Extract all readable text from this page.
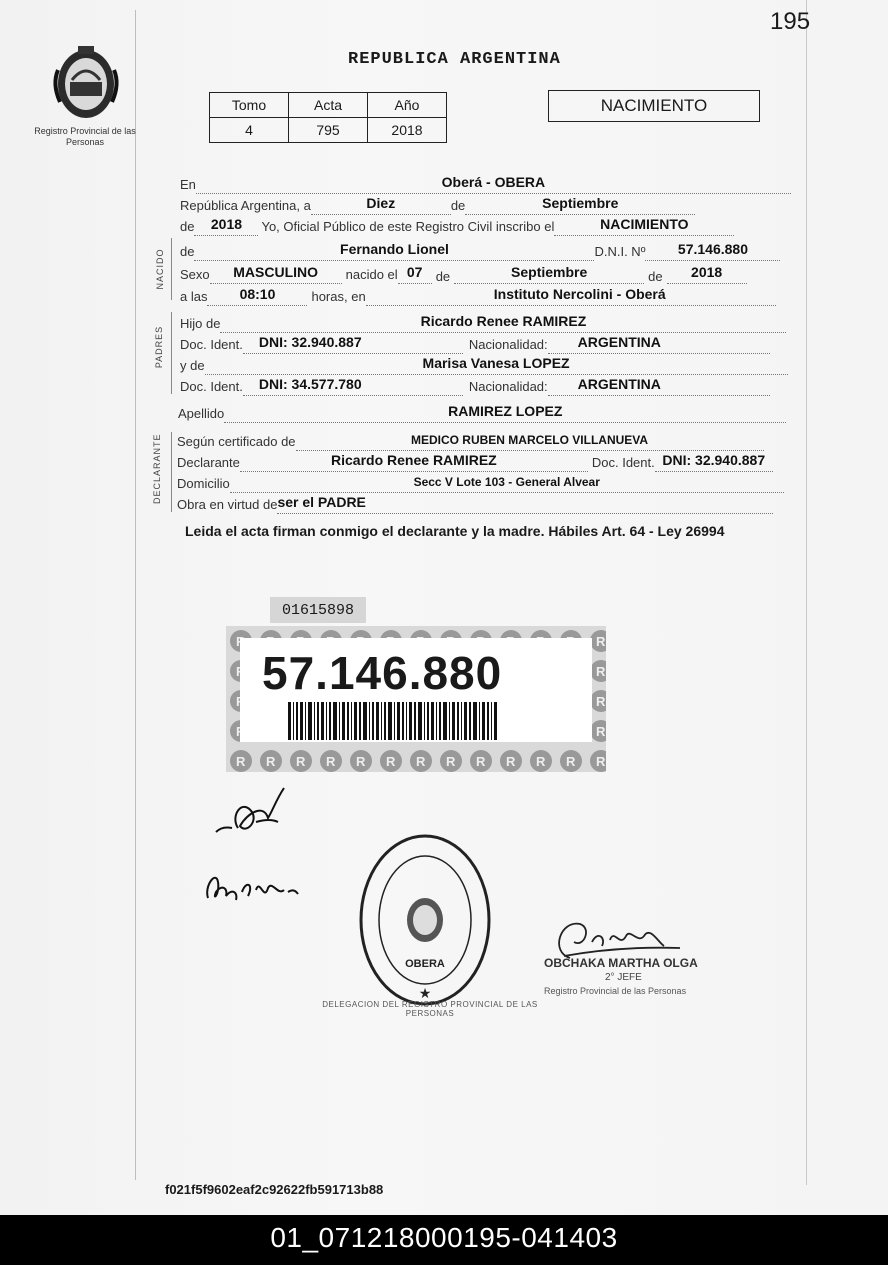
195
Registro Provincial de las Personas
REPUBLICA ARGENTINA
Tomo	Acta	Año
4	795	2018
NACIMIENTO
En	Oberá - OBERA
República Argentina, a	Diez	de	Septiembre
de	2018	Yo, Oficial Público de este Registro Civil inscribo el	NACIMIENTO
NACIDO de	Fernando Lionel	D.N.I. Nº	57.146.880
Sexo	MASCULINO	nacido el 07	de	Septiembre	de	2018
a las	08:10	horas, en	Instituto Nercolini - Oberá
PADRES
Hijo de	Ricardo Renee RAMIREZ
Doc. Ident.	DNI: 32.940.887	Nacionalidad:	ARGENTINA
y de	Marisa Vanesa LOPEZ
Doc. Ident.	DNI: 34.577.780	Nacionalidad:	ARGENTINA
Apellido	RAMIREZ LOPEZ
DECLARANTE Según certificado de	MEDICO RUBEN MARCELO VILLANUEVA
Declarante	Ricardo Renee RAMIREZ	Doc. Ident. DNI: 32.940.887
Domicilio	Secc V Lote 103 - General Alvear
Obra en virtud de ser el PADRE
Leida el acta firman conmigo el declarante y la madre. Hábiles Art. 64 - Ley 26994
01615898
57.146.880
OBERA
★
DELEGACION DEL REGISTRO PROVINCIAL DE LAS PERSONAS
OBCHAKA MARTHA OLGA
2° JEFE
Registro Provincial de las Personas
f021f5f9602eaf2c92622fb591713b88
01_071218000195-041403
